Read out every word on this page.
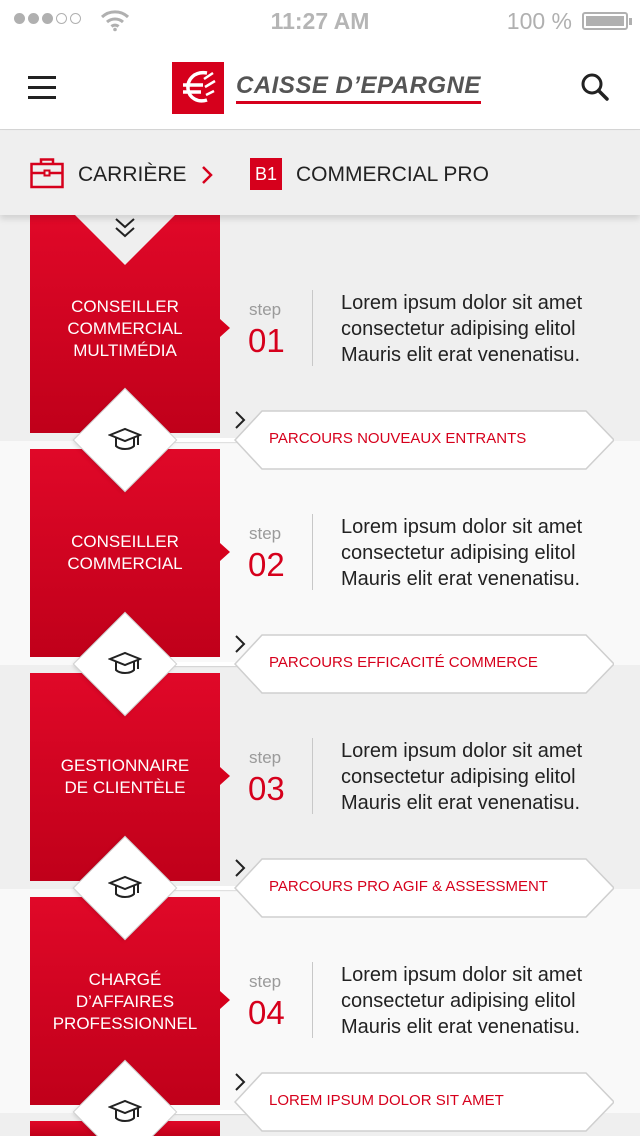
11:27 AM	100 %
CAISSE D’EPARGNE
CARRIÈRE	B1 COMMERCIAL PRO
CONSEILLER
COMMERCIAL
MULTIMÉDIA
step
01
Lorem ipsum dolor sit amet consectetur adipising elitol Mauris elit erat venenatisu.
CONSEILLER
COMMERCIAL
step
02
Lorem ipsum dolor sit amet consectetur adipising elitol Mauris elit erat venenatisu.
GESTIONNAIRE
DE CLIENTÈLE
step
03
Lorem ipsum dolor sit amet consectetur adipising elitol Mauris elit erat venenatisu.
CHARGÉ
D’AFFAIRES
PROFESSIONNEL
step
04
Lorem ipsum dolor sit amet consectetur adipising elitol Mauris elit erat venenatisu.
PARCOURS NOUVEAUX ENTRANTS
PARCOURS EFFICACITÉ COMMERCE
PARCOURS PRO AGIF & ASSESSMENT
LOREM IPSUM DOLOR SIT AMET
